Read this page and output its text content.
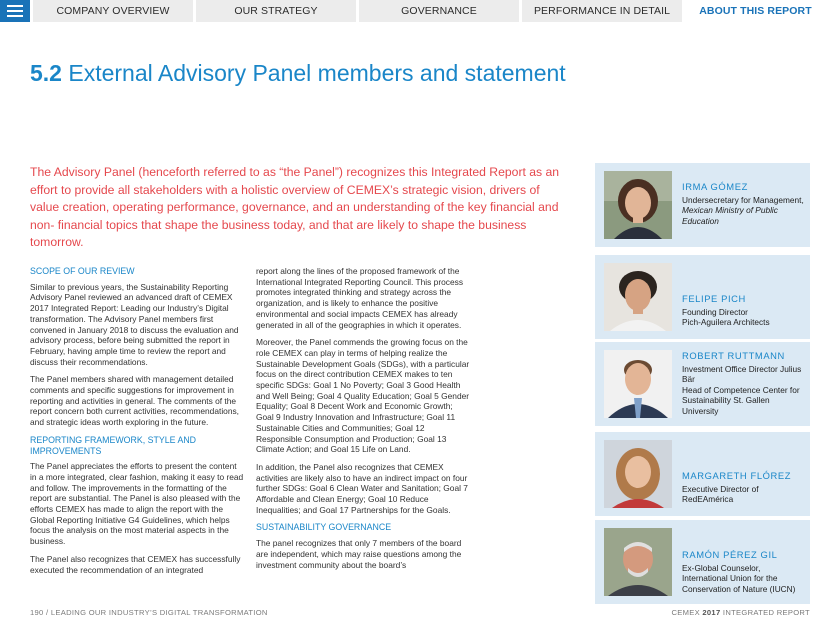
COMPANY OVERVIEW	OUR STRATEGY	GOVERNANCE	PERFORMANCE IN DETAIL	ABOUT THIS REPORT
5.2 External Advisory Panel members and statement

The Advisory Panel (henceforth referred to as “the Panel”) recognizes this Integrated Report as an effort to provide all stakeholders with a holistic overview of CEMEX’s strategic vision, drivers of value creation, operating performance, governance, and an understanding of the key financial and non- financial topics that shape the business today, and that are likely to shape the business tomorrow.

SCOPE OF OUR REVIEW

Similar to previous years, the Sustainability Reporting Advisory Panel reviewed an advanced draft of CEMEX 2017 Integrated Report: Leading our Industry’s Digital transformation. The Advisory Panel members first convened in January 2018 to discuss the evaluation and advisory process, before being submitted the report in February, having ample time to review the report and discuss their recommendations.

The Panel members shared with management detailed comments and specific suggestions for improvement in reporting and activities in general. The comments of the report concern both current activities, recommendations, and strategic ideas worth exploring in the future.

REPORTING FRAMEWORK, STYLE AND IMPROVEMENTS

The Panel appreciates the efforts to present the content in a more integrated, clear fashion, making it easy to read and follow. The improvements in the formatting of the report are substantial. The Panel is also pleased with the efforts CEMEX has made to align the report with the Global Reporting Initiative G4 Guidelines, which helps focus the analysis on the most material aspects in the business.

The Panel also recognizes that CEMEX has successfully executed the recommendation of an integrated

report along the lines of the proposed framework of the International Integrated Reporting Council. This process promotes integrated thinking and strategy across the organization, and is likely to enhance the positive environmental and social impacts CEMEX has already generated in all of the geographies in which it operates.

Moreover, the Panel commends the growing focus on the role CEMEX can play in terms of helping realize the Sustainable Development Goals (SDGs), with a particular focus on the direct contribution CEMEX makes to ten specific SDGs: Goal 1 No Poverty; Goal 3 Good Health and Well Being; Goal 4 Quality Education; Goal 5 Gender Equality; Goal 8 Decent Work and Economic Growth; Goal 9 Industry Innovation and Infrastructure; Goal 11 Sustainable Cities and Communities; Goal 12 Responsible Consumption and Production; Goal 13 Climate Action; and Goal 15 Life on Land.

In addition, the Panel also recognizes that CEMEX activities are likely also to have an indirect impact on four further SDGs: Goal 6 Clean Water and Sanitation; Goal 7 Affordable and Clean Energy; Goal 10 Reduce Inequalities; and Goal 17 Partnerships for the Goals.

SUSTAINABILITY GOVERNANCE

The panel recognizes that only 7 members of the board are independent, which may raise questions among the investment community about the board’s

IRMA GÓMEZ
Undersecretary for Management,
Mexican Ministry of Public Education
FELIPE PICH
Founding Director
Pich-Aguilera Architects
ROBERT RUTTMANN
Investment Office Director Julius Bär
Head of Competence Center for Sustainability St. Gallen University
MARGARETH FLÓREZ
Executive Director of
RedEAmérica
RAMÓN PÉREZ GIL
Ex-Global Counselor,
International Union for the Conservation of Nature (IUCN)
190 / LEADING OUR INDUSTRY’S DIGITAL TRANSFORMATION	CEMEX 2017 INTEGRATED REPORT
